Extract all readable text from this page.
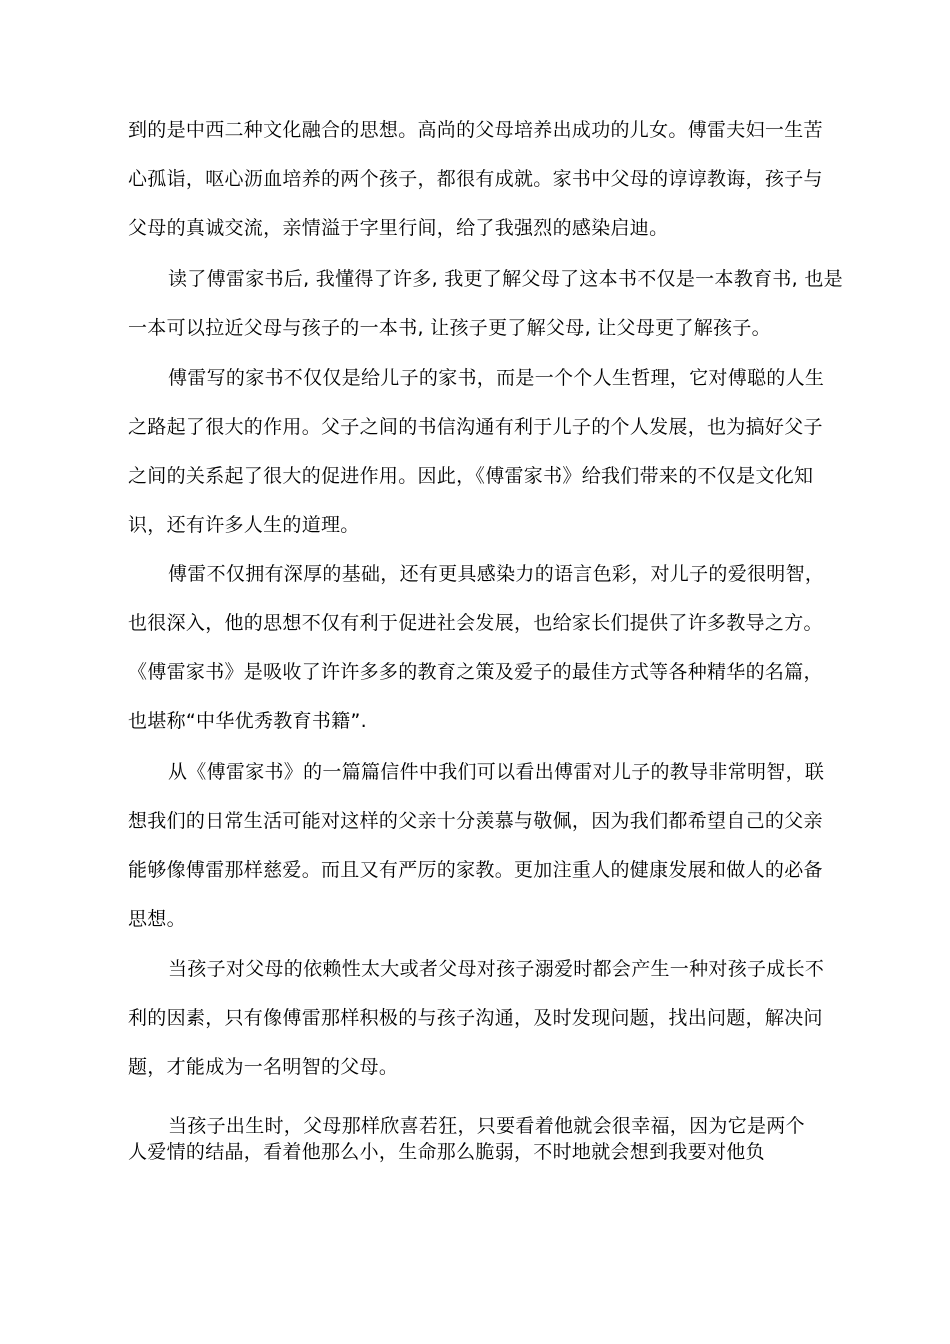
到的是中西二种文化融合的思想。高尚的父母培养出成功的儿女。傅雷夫妇一生苦
心孤诣，呕心沥血培养的两个孩子，都很有成就。家书中父母的谆谆教诲，孩子与
父母的真诚交流，亲情溢于字里行间，给了我强烈的感染启迪。
读了傅雷家书后, 我懂得了许多, 我更了解父母了这本书不仅是一本教育书, 也是
一本可以拉近父母与孩子的一本书, 让孩子更了解父母, 让父母更了解孩子。
傅雷写的家书不仅仅是给儿子的家书，而是一个个人生哲理，它对傅聪的人生
之路起了很大的作用。父子之间的书信沟通有利于儿子的个人发展，也为搞好父子
之间的关系起了很大的促进作用。因此，《傅雷家书》给我们带来的不仅是文化知
识，还有许多人生的道理。
傅雷不仅拥有深厚的基础，还有更具感染力的语言色彩，对儿子的爱很明智，
也很深入，他的思想不仅有利于促进社会发展，也给家长们提供了许多教导之方。
《傅雷家书》是吸收了许许多多的教育之策及爱子的最佳方式等各种精华的名篇，
也堪称“中华优秀教育书籍”.
从《傅雷家书》的一篇篇信件中我们可以看出傅雷对儿子的教导非常明智，联
想我们的日常生活可能对这样的父亲十分羡慕与敬佩，因为我们都希望自己的父亲
能够像傅雷那样慈爱。而且又有严厉的家教。更加注重人的健康发展和做人的必备
思想。
当孩子对父母的依赖性太大或者父母对孩子溺爱时都会产生一种对孩子成长不
利的因素，只有像傅雷那样积极的与孩子沟通，及时发现问题，找出问题，解决问
题，才能成为一名明智的父母。
当孩子出生时，父母那样欣喜若狂，只要看着他就会很幸福，因为它是两个
人爱情的结晶，看着他那么小，生命那么脆弱，不时地就会想到我要对他负
